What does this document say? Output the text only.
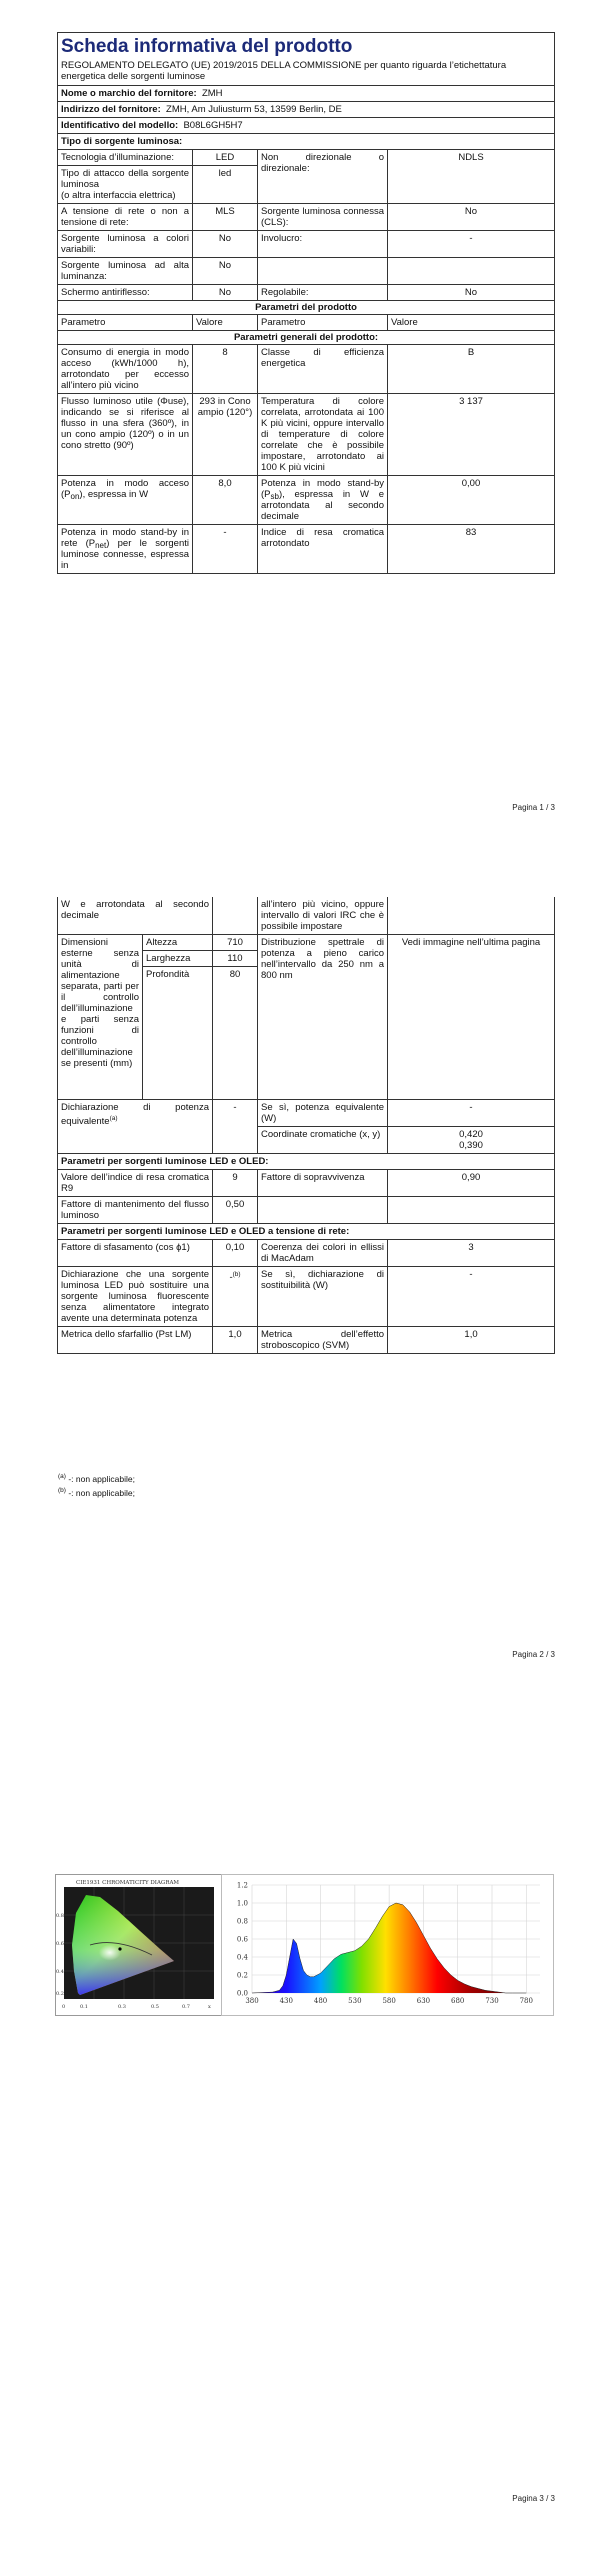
Scheda informativa del prodotto
REGOLAMENTO DELEGATO (UE) 2019/2015 DELLA COMMISSIONE per quanto riguarda l’etichettatura energetica delle sorgenti luminose			

Nome o marchio del fornitore: ZMH			
Indirizzo del fornitore: ZMH, Am Juliusturm 53, 13599 Berlin, DE			
Identificativo del modello: B08L6GH5H7			
Tipo di sorgente luminosa:			
Tecnologia d’illuminazione:	LED	Non direzionale o direzionale:	NDLS

Tipo di attacco della sorgente luminosa
(o altra interfaccia elettrica)	led		
A tensione di rete o non a tensione di rete:	MLS	Sorgente luminosa connessa (CLS):	No
Sorgente luminosa a colori variabili:	No	Involucro:	-
Sorgente luminosa ad alta luminanza:	No		
Schermo antiriflesso:	No	Regolabile:	No
Parametri del prodotto			
Parametro	Valore	Parametro	Valore
Parametri generali del prodotto:			
Consumo di energia in modo acceso (kWh/1000 h), arrotondato per eccesso all’intero più vicino	8	Classe di efficienza energetica	B
Flusso luminoso utile (Φuse), indicando se si riferisce al flusso in una sfera (360º), in un cono ampio (120º) o in un cono stretto (90º)	293 in Cono ampio (120°)	Temperatura di colore correlata, arrotondata ai 100 K più vicini, oppure intervallo di temperature di colore correlate che è possibile impostare, arrotondato ai 100 K più vicini	3 137
Potenza in modo acceso $(P_{on})$, espressa in W	8,0	Potenza in modo stand-by $(P_{sb})$, espressa in W e arrotondata al secondo decimale	0,00
Potenza in modo stand-by in rete $(P_{net})$ per le sorgenti luminose connesse, espressa in	-	Indice di resa cromatica arrotondato	83
Pagina 1 / 3
W e arrotondata al secondo decimale			all’intero più vicino, oppure intervallo di valori IRC che è possibile impostare	
Dimensioni esterne senza unità di alimentazione separata, parti per il controllo dell’illuminazione e parti senza funzioni di controllo dell’illuminazione se presenti (mm)	Altezza	710	Distribuzione spettrale di potenza a pieno carico nell’intervallo da 250 nm a 800 nm	Vedi immagine nell’ultima pagina
	Larghezza	110		
	Profondità	80		
Dichiarazione di potenza equivalente$^{(a)}$		-	Se sì, potenza equivalente (W)	-
			Coordinate cromatiche (x, y)	0,420
0,390

Parametri per sorgenti luminose LED e OLED:				
Valore dell’indice di resa cromatica R9		9	Fattore di sopravvivenza	0,90
Fattore di mantenimento del flusso luminoso		0,50		
Parametri per sorgenti luminose LED e OLED a tensione di rete:				
Fattore di sfasamento (cos ϕ1)		0,10	Coerenza dei colori in ellissi di MacAdam	3
Dichiarazione che una sorgente luminosa LED può sostituire una sorgente luminosa fluorescente senza alimentatore integrato avente una determinata potenza		-$^{(b)}$	Se sì, dichiarazione di sostituibilità (W)	-
Metrica dello sfarfallio (Pst LM)		1,0	Metrica dell’effetto stroboscopico (SVM)	1,0
$^{(a)}$ -: non applicabile;
$^{(b)}$ -: non applicabile;
Pagina 2 / 3
CIE1931 CHROMATICITY DIAGRAM
0	0.1	0.3	0.5	0.7	x
0.8
0.6
0.4
0.2
380	430	480	530	580	630	680	730	780
0.0
0.2
0.4
0.6
0.8
1.0
1.2
Pagina 3 / 3
